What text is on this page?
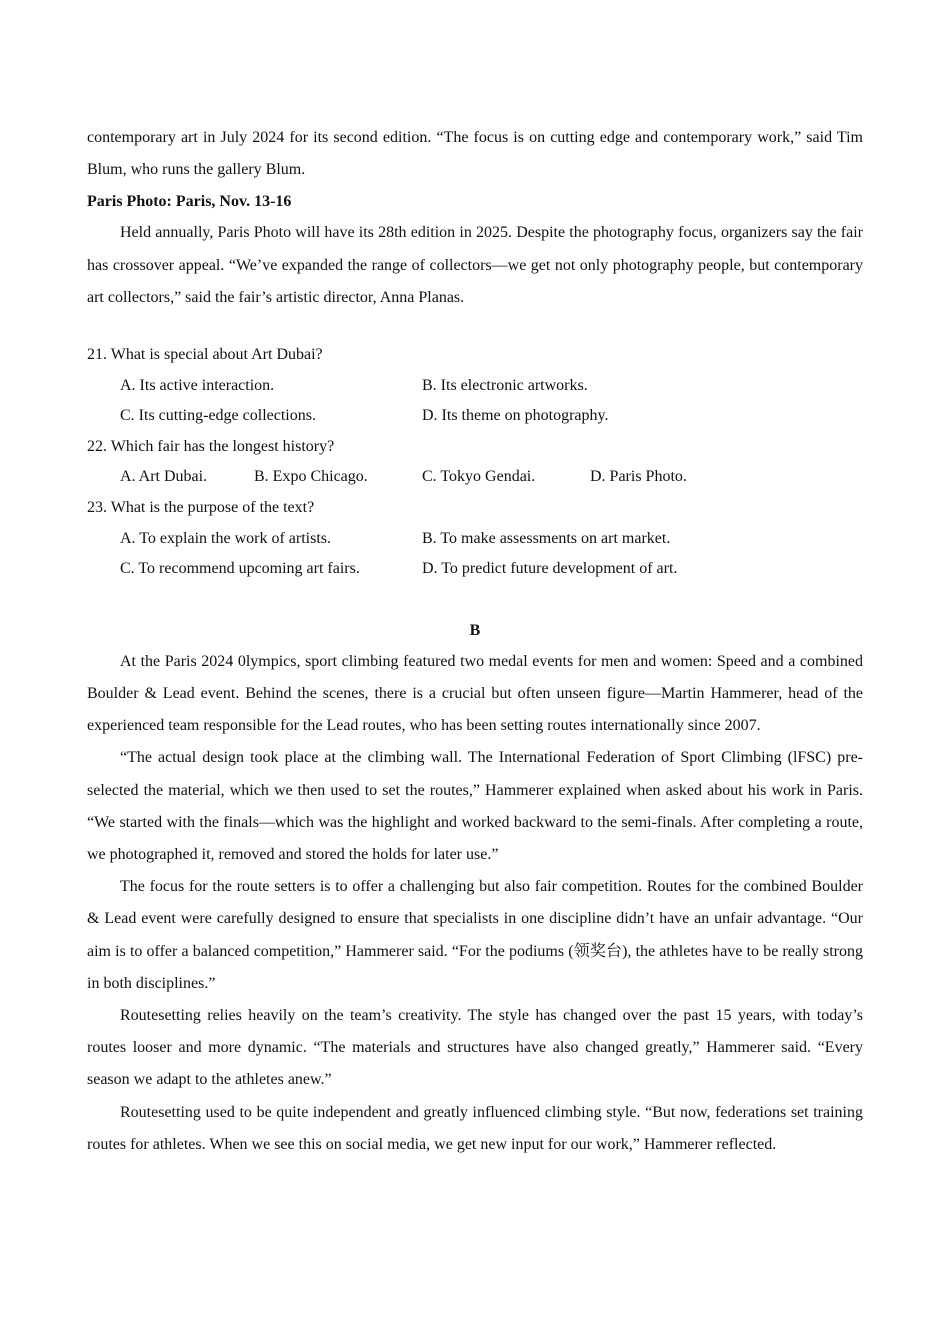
contemporary art in July 2024 for its second edition. “The focus is on cutting edge and contemporary work,” said Tim Blum, who runs the gallery Blum.

Paris Photo: Paris, Nov. 13-16

Held annually, Paris Photo will have its 28th edition in 2025. Despite the photography focus, organizers say the fair has crossover appeal. “We’ve expanded the range of collectors—we get not only photography people, but contemporary art collectors,” said the fair’s artistic director, Anna Planas.

21. What is special about Art Dubai?

A. Its active interaction.	B. Its electronic artworks.
C. Its cutting-edge collections.	D. Its theme on photography.

22. Which fair has the longest history?

A. Art Dubai.	B. Expo Chicago.	C. Tokyo Gendai.	D. Paris Photo.

23. What is the purpose of the text?

A. To explain the work of artists.	B. To make assessments on art market.
C. To recommend upcoming art fairs.	D. To predict future development of art.

B

At the Paris 2024 0lympics, sport climbing featured two medal events for men and women: Speed and a combined Boulder & Lead event. Behind the scenes, there is a crucial but often unseen figure—Martin Hammerer, head of the experienced team responsible for the Lead routes, who has been setting routes internationally since 2007.

“The actual design took place at the climbing wall. The International Federation of Sport Climbing (lFSC) pre-selected the material, which we then used to set the routes,” Hammerer explained when asked about his work in Paris. “We started with the finals—which was the highlight and worked backward to the semi-finals. After completing a route, we photographed it, removed and stored the holds for later use.”

The focus for the route setters is to offer a challenging but also fair competition. Routes for the combined Boulder & Lead event were carefully designed to ensure that specialists in one discipline didn’t have an unfair advantage. “Our aim is to offer a balanced competition,” Hammerer said. “For the podiums (领奖台), the athletes have to be really strong in both disciplines.”

Routesetting relies heavily on the team’s creativity. The style has changed over the past 15 years, with today’s routes looser and more dynamic. “The materials and structures have also changed greatly,” Hammerer said. “Every season we adapt to the athletes anew.”

Routesetting used to be quite independent and greatly influenced climbing style. “But now, federations set training routes for athletes. When we see this on social media, we get new input for our work,” Hammerer reflected.
